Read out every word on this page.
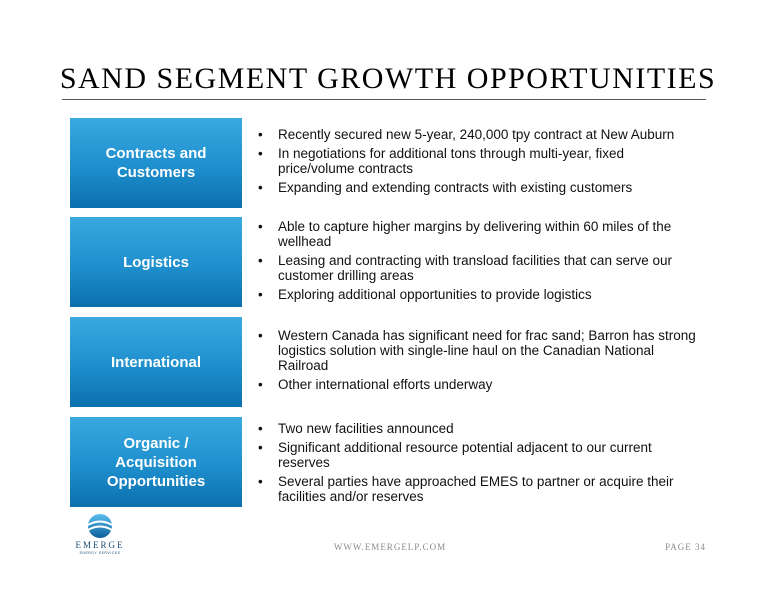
SAND SEGMENT GROWTH OPPORTUNITIES
Contracts and
Customers
• Recently secured new 5-year, 240,000 tpy contract at New Auburn
• In negotiations for additional tons through multi-year, fixed price/volume contracts
• Expanding and extending contracts with existing customers
Logistics
• Able to capture higher margins by delivering within 60 miles of the wellhead
• Leasing and contracting with transload facilities that can serve our customer drilling areas
• Exploring additional opportunities to provide logistics
International
• Western Canada has significant need for frac sand; Barron has strong logistics solution with single-line haul on the Canadian National Railroad
• Other international efforts underway
Organic /
Acquisition
Opportunities
• Two new facilities announced
• Significant additional resource potential adjacent to our current reserves
• Several parties have approached EMES to partner or acquire their facilities and/or reserves
EMERGE
ENERGY SERVICES
WWW.EMERGELP.COM	PAGE 34
